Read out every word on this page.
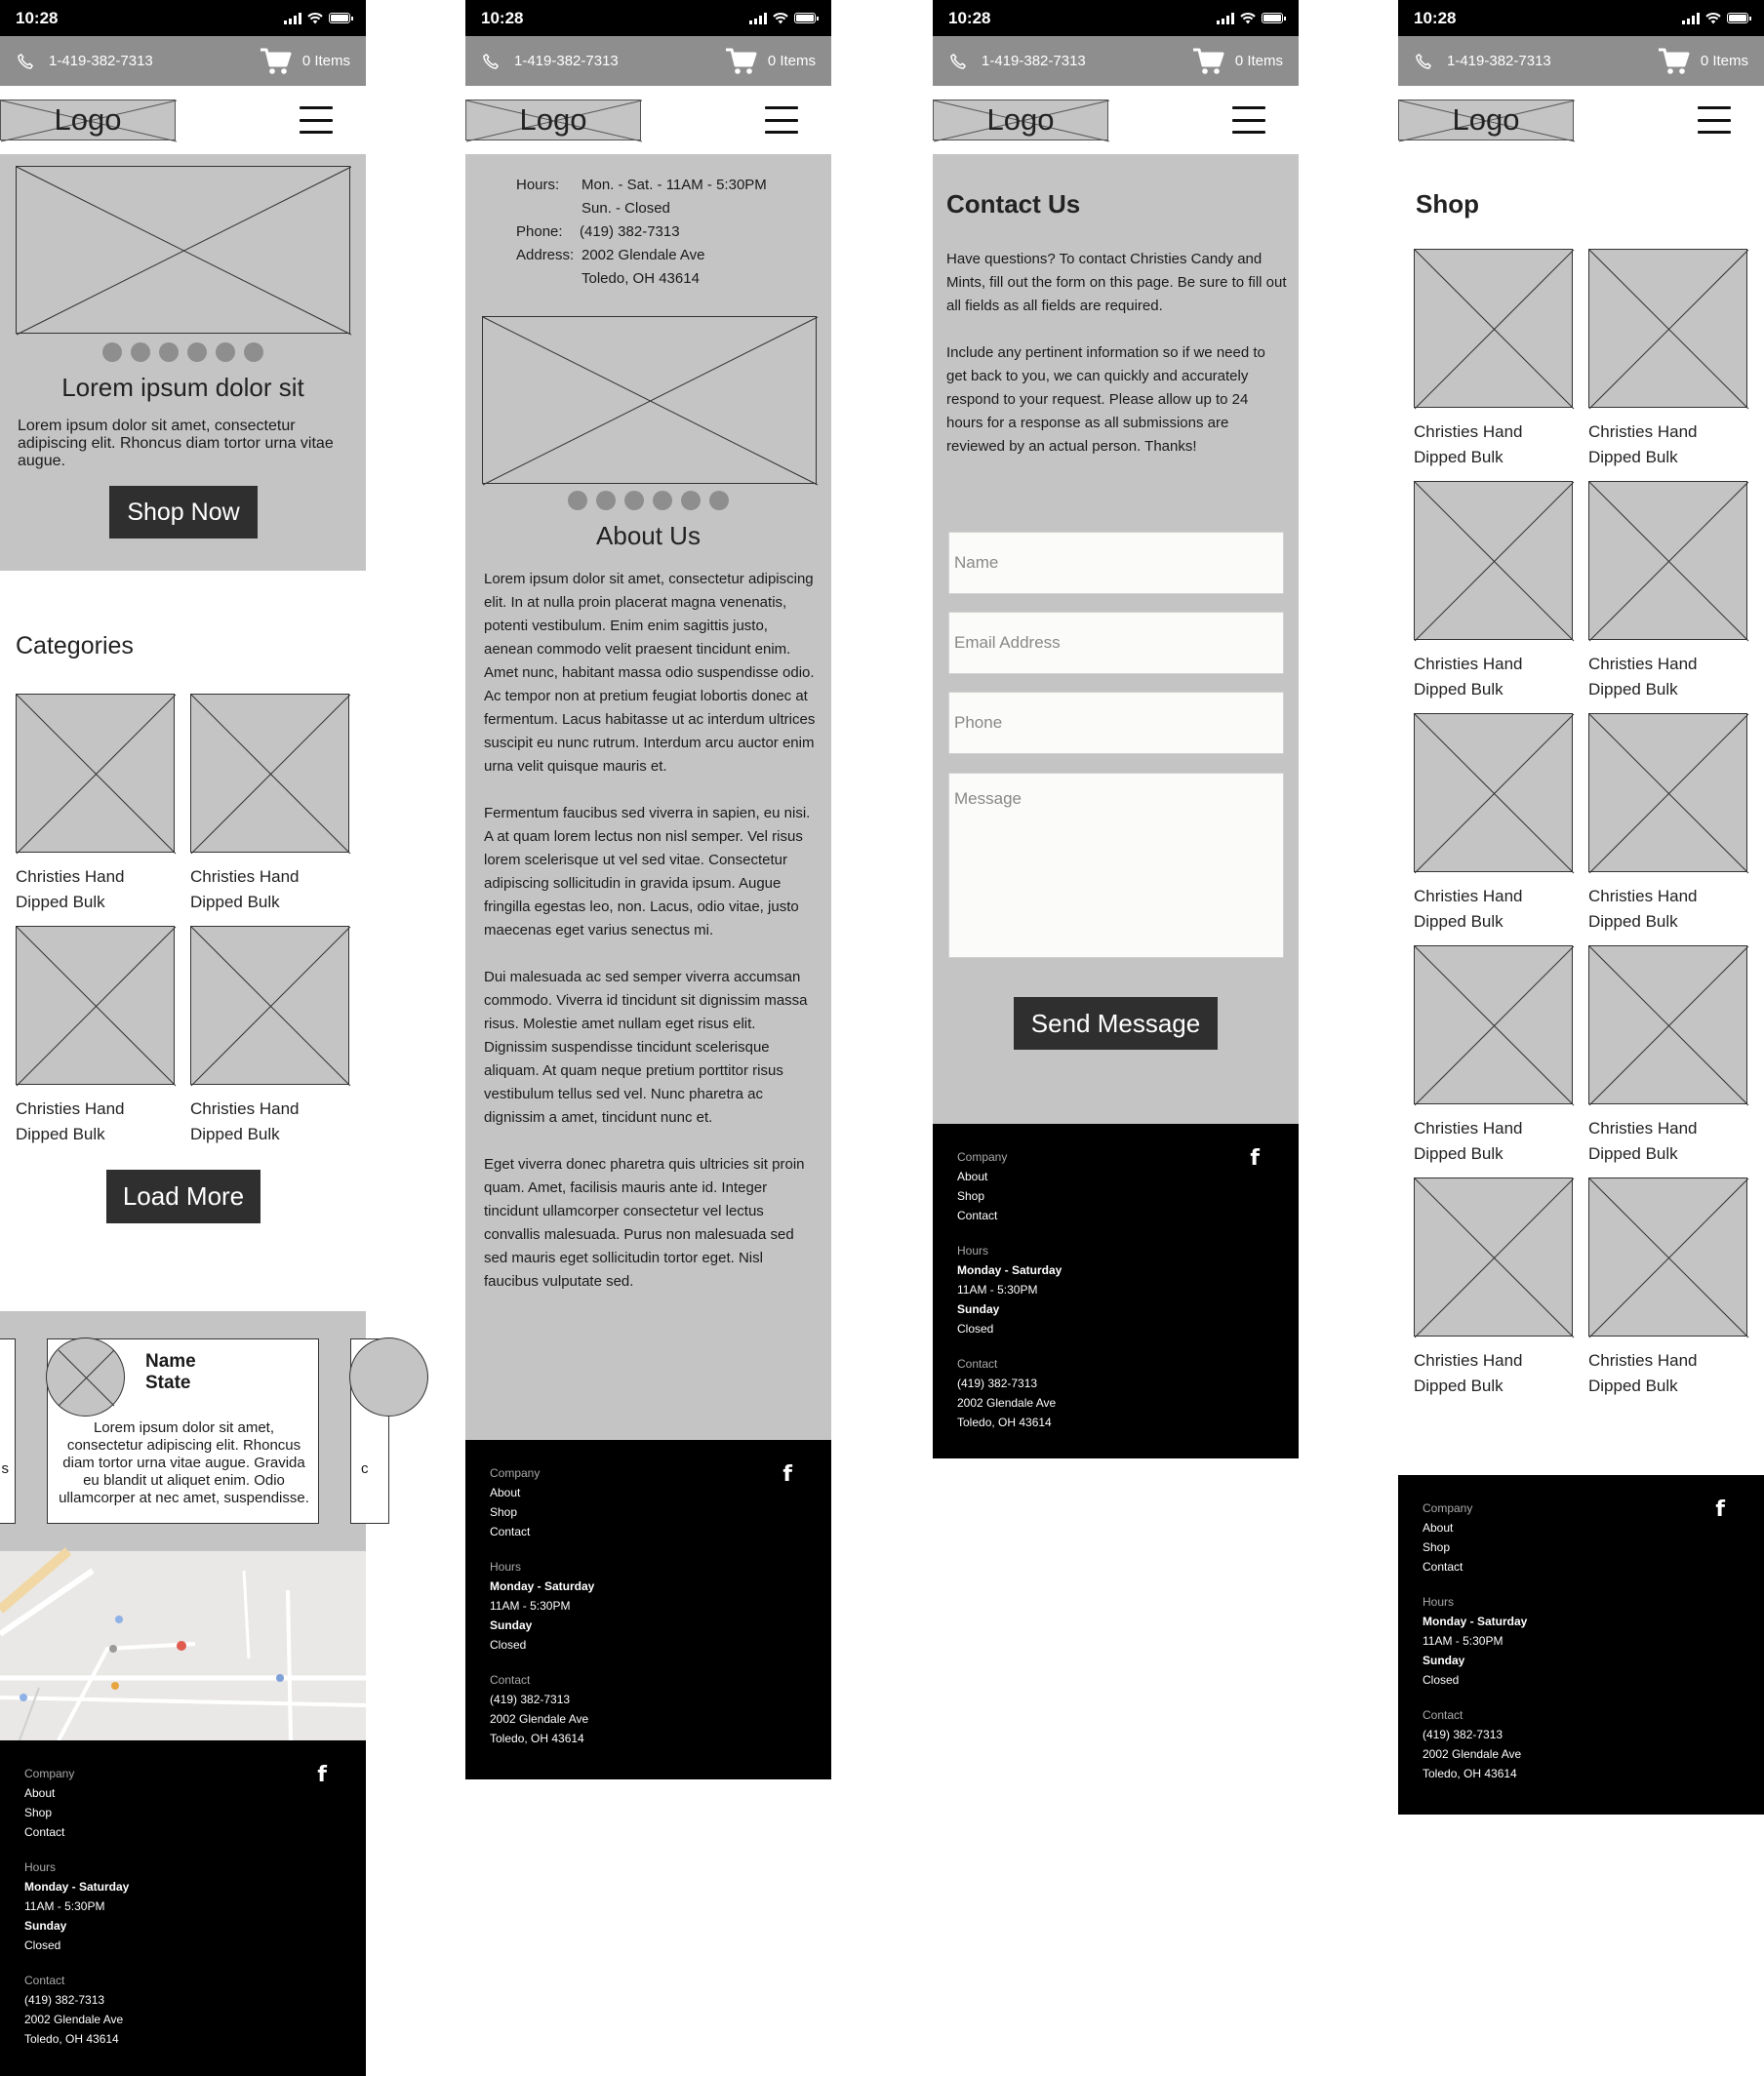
10:28
1-419-382-7313	0 Items
Logo
Lorem ipsum dolor sit
Lorem ipsum dolor sit amet, consectetur adipiscing elit. Rhoncus diam tortor urna vitae augue.
Shop Now
Categories
Christies Hand Dipped Bulk
Christies Hand Dipped Bulk
Christies Hand Dipped Bulk
Christies Hand Dipped Bulk
Load More
s
Name
State
Lorem ipsum dolor sit amet, consectetur adipiscing elit. Rhoncus diam tortor urna vitae augue. Gravida eu blandit ut aliquet enim. Odio ullamcorper at nec amet, suspendisse.
c
Company
About
Shop
Contact
Hours
Monday - Saturday
11AM - 5:30PM
Sunday
Closed
Contact
(419) 382-7313
2002 Glendale Ave
Toledo, OH 43614
f
10:28
1-419-382-7313	0 Items
Logo
Hours:	Mon. - Sat. - 11AM - 5:30PM
Sun. - Closed
Phone:	(419) 382-7313
Address: 2002 Glendale Ave
Toledo, OH 43614
About Us

Lorem ipsum dolor sit amet, consectetur adipiscing elit. In at nulla proin placerat magna venenatis, potenti vestibulum. Enim enim sagittis justo, aenean commodo velit praesent tincidunt enim. Amet nunc, habitant massa odio suspendisse odio. Ac tempor non at pretium feugiat lobortis donec at fermentum. Lacus habitasse ut ac interdum ultrices suscipit eu nunc rutrum. Interdum arcu auctor enim urna velit quisque mauris et.

Fermentum faucibus sed viverra in sapien, eu nisi. A at quam lorem lectus non nisl semper. Vel risus lorem scelerisque ut vel sed vitae. Consectetur adipiscing sollicitudin in gravida ipsum. Augue fringilla egestas leo, non. Lacus, odio vitae, justo maecenas eget varius senectus mi.

Dui malesuada ac sed semper viverra accumsan commodo. Viverra id tincidunt sit dignissim massa risus. Molestie amet nullam eget risus elit. Dignissim suspendisse tincidunt scelerisque aliquam. At quam neque pretium porttitor risus vestibulum tellus sed vel. Nunc pharetra ac dignissim a amet, tincidunt nunc et.

Eget viverra donec pharetra quis ultricies sit proin quam. Amet, facilisis mauris ante id. Integer tincidunt ullamcorper consectetur vel lectus convallis malesuada. Purus non malesuada sed sed mauris eget sollicitudin tortor eget. Nisl faucibus vulputate sed.

Company
About
Shop
Contact
Hours
Monday - Saturday
11AM - 5:30PM
Sunday
Closed
Contact
(419) 382-7313
2002 Glendale Ave
Toledo, OH 43614
f
10:28
1-419-382-7313	0 Items
Logo
Contact Us

Have questions? To contact Christies Candy and Mints, fill out the form on this page. Be sure to fill out all fields as all fields are required.

Include any pertinent information so if we need to get back to you, we can quickly and accurately respond to your request. Please allow up to 24 hours for a response as all submissions are reviewed by an actual person. Thanks!

Name
Email Address
Phone
Message
Send Message
Company
About
Shop
Contact
Hours
Monday - Saturday
11AM - 5:30PM
Sunday
Closed
Contact
(419) 382-7313
2002 Glendale Ave
Toledo, OH 43614
f
10:28
1-419-382-7313	0 Items
Logo
Shop
Christies Hand Dipped Bulk
Christies Hand Dipped Bulk
Christies Hand Dipped Bulk
Christies Hand Dipped Bulk
Christies Hand Dipped Bulk
Christies Hand Dipped Bulk
Christies Hand Dipped Bulk
Christies Hand Dipped Bulk
Christies Hand Dipped Bulk
Christies Hand Dipped Bulk
Company
About
Shop
Contact
Hours
Monday - Saturday
11AM - 5:30PM
Sunday
Closed
Contact
(419) 382-7313
2002 Glendale Ave
Toledo, OH 43614
f
